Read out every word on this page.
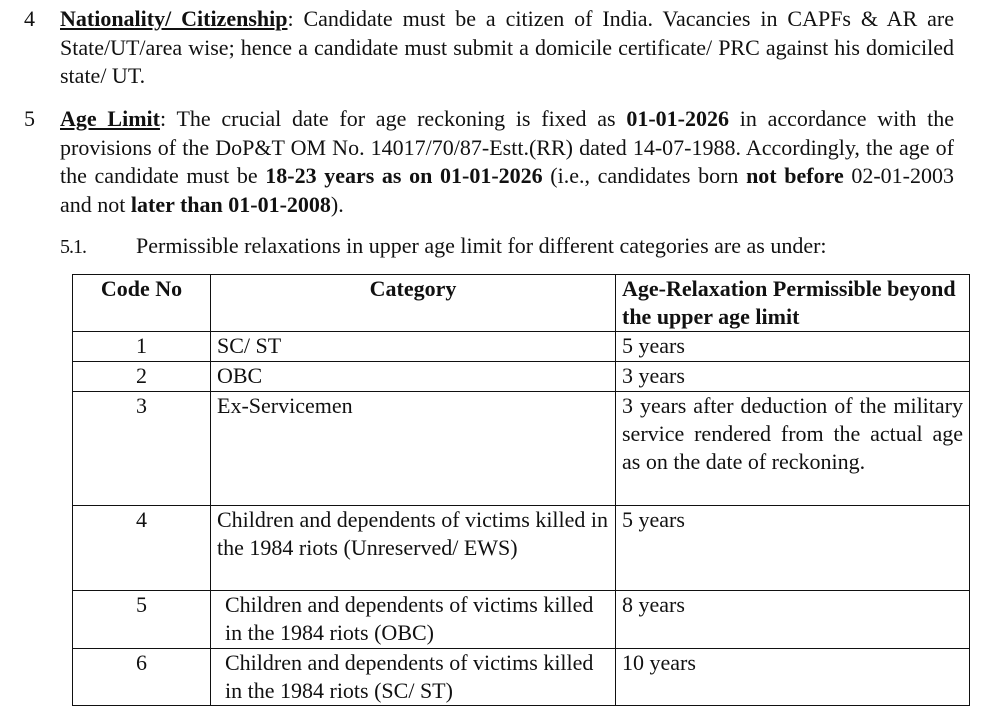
4	Nationality/ Citizenship: Candidate must be a citizen of India. Vacancies in CAPFs & AR are State/UT/area wise; hence a candidate must submit a domicile certificate/ PRC against his domiciled state/ UT.
5	Age Limit: The crucial date for age reckoning is fixed as 01-01-2026 in accordance with the provisions of the DoP&T OM No. 14017/70/87-Estt.(RR) dated 14-07-1988. Accordingly, the age of the candidate must be 18-23 years as on 01-01-2026 (i.e., candidates born not before 02-01-2003 and not later than 01-01-2008).
5.1. Permissible relaxations in upper age limit for different categories are as under:
Code No	Category	Age-Relaxation Permissible beyond the upper age limit
1	SC/ ST	5 years
2	OBC	3 years
3	Ex-Servicemen	3 years after deduction of the military service rendered from the actual age as on the date of reckoning.
4	Children and dependents of victims killed in the 1984 riots (Unreserved/ EWS)	5 years
5	Children and dependents of victims killed in the 1984 riots (OBC)	8 years
6	Children and dependents of victims killed in the 1984 riots (SC/ ST)	10 years
